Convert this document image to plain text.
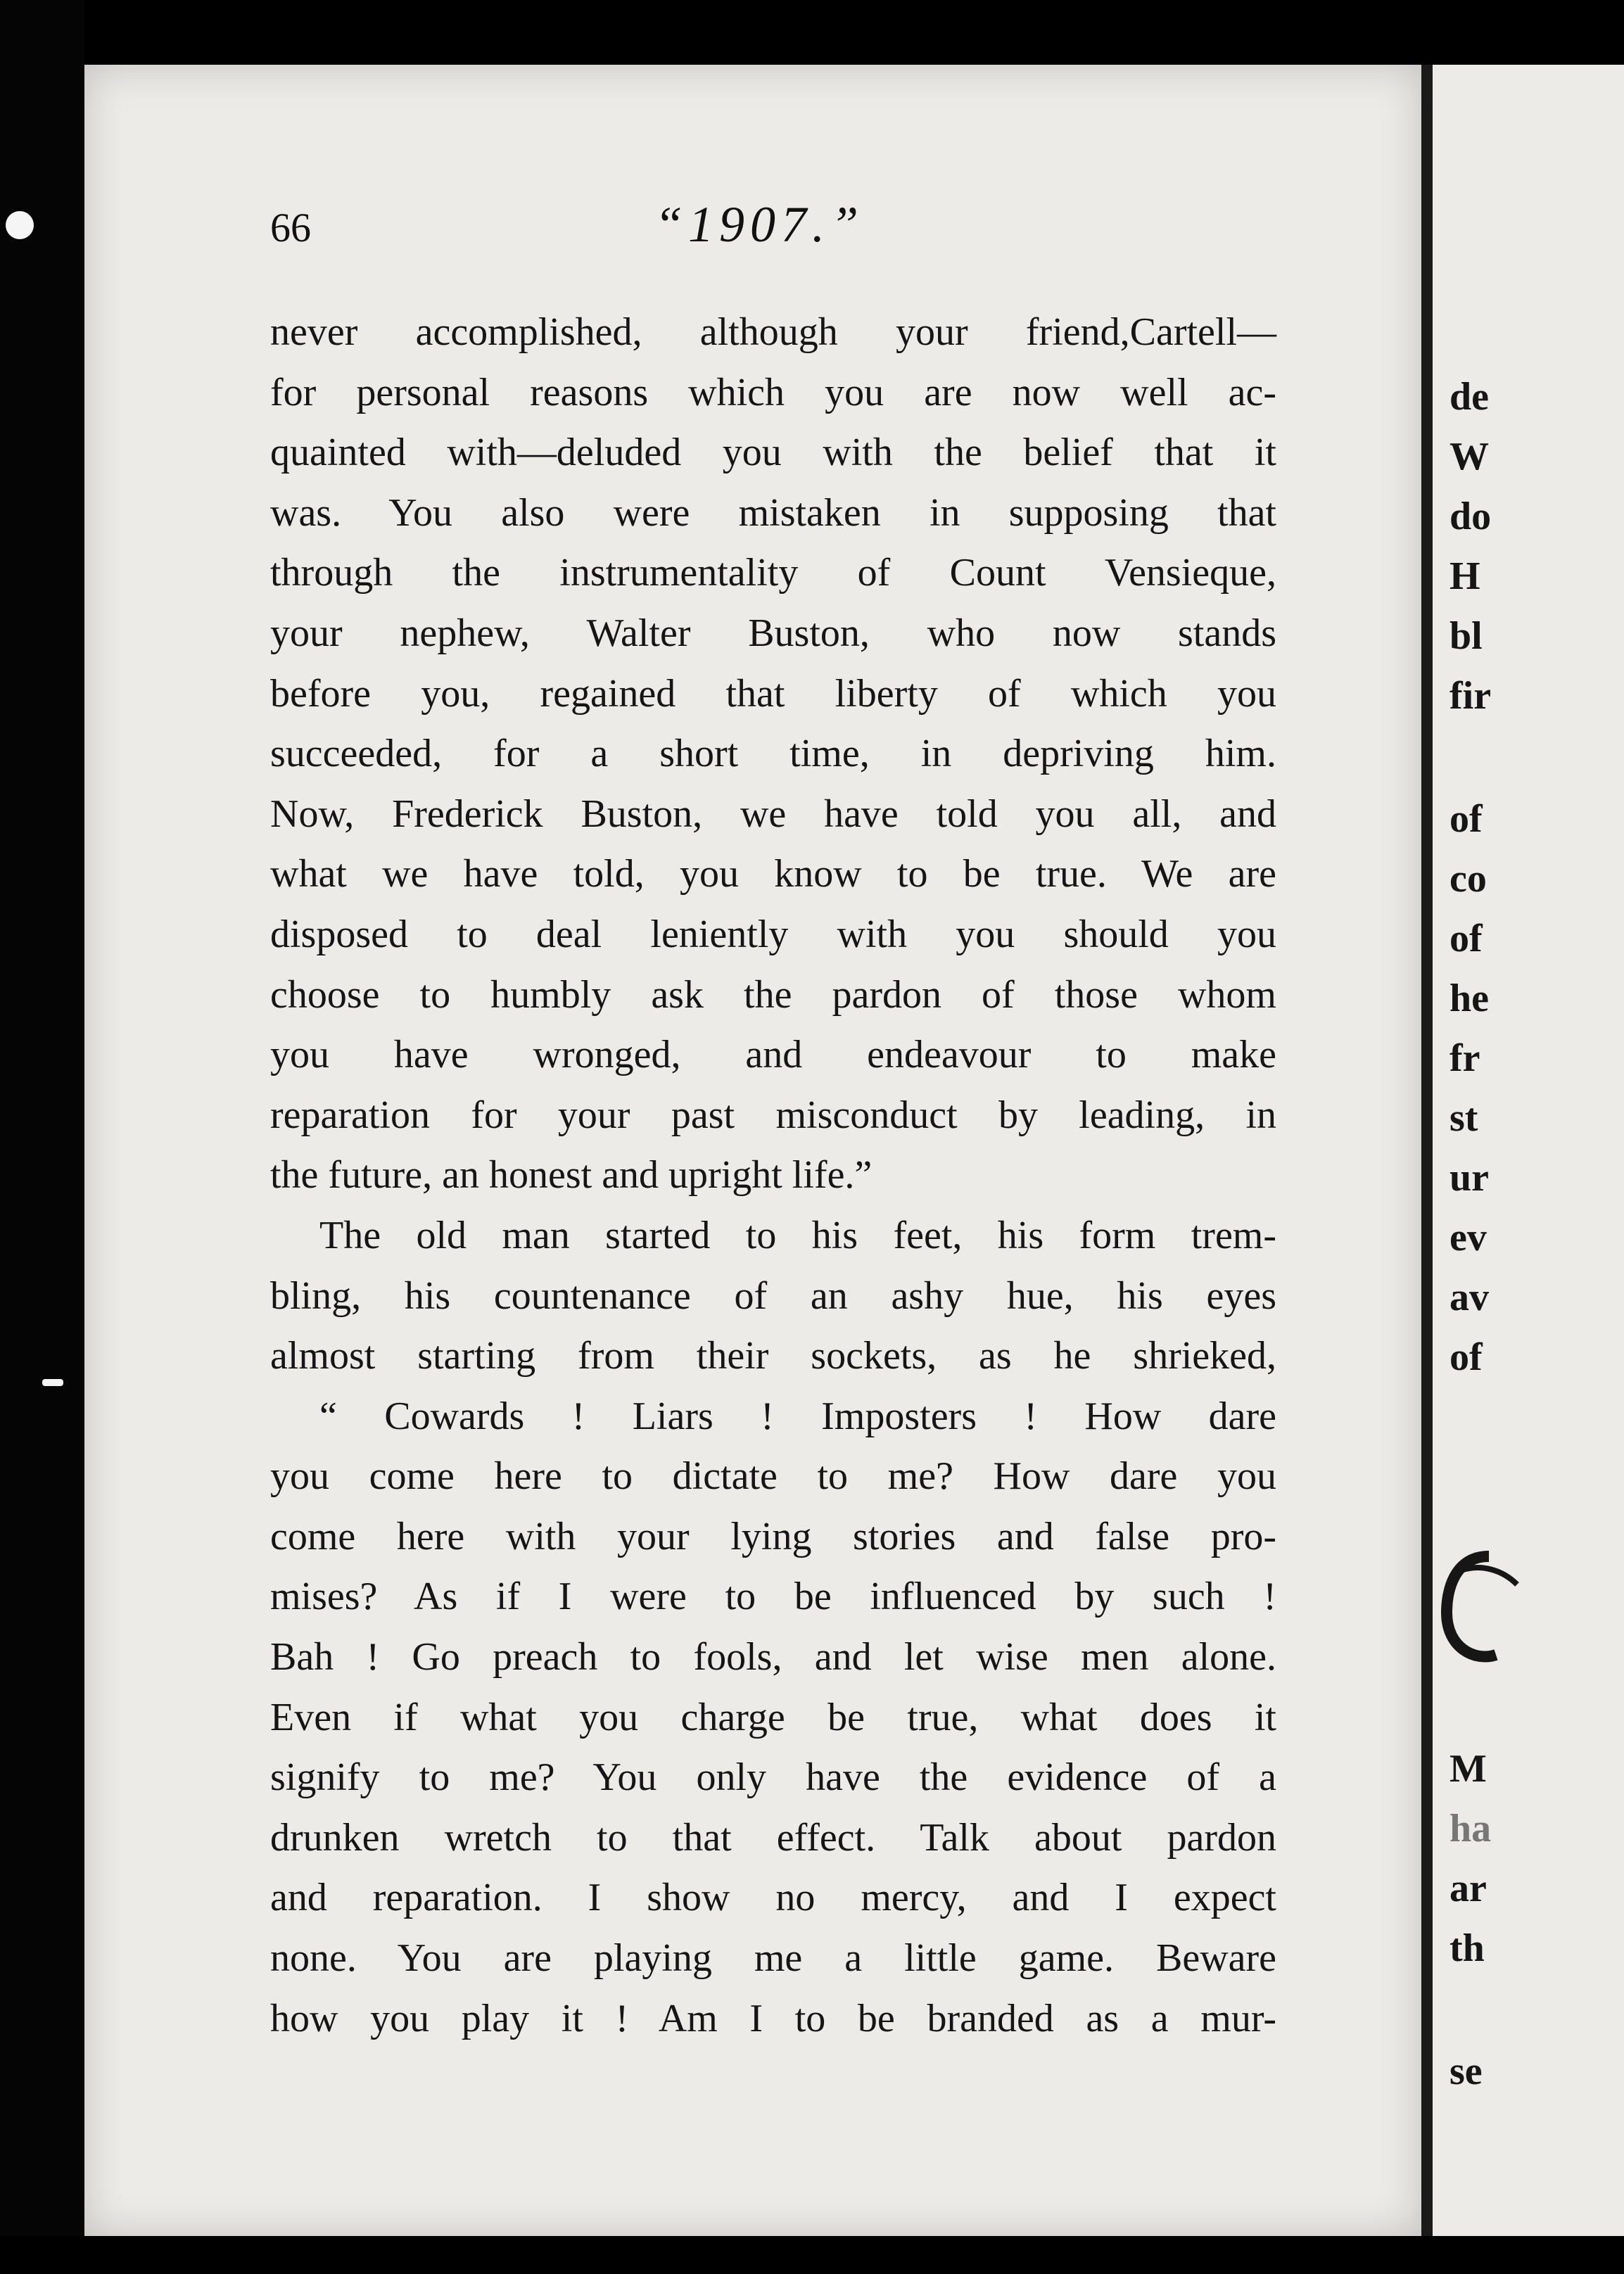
66	“1907.”
never accomplished, although your friend,Cartell—
for personal reasons which you are now well ac-
quainted with—deluded you with the belief that it
was. You also were mistaken in supposing that
through the instrumentality of Count Vensieque,
your nephew, Walter Buston, who now stands
before you, regained that liberty of which you
succeeded, for a short time, in depriving him.
Now, Frederick Buston, we have told you all, and
what we have told, you know to be true. We are
disposed to deal leniently with you should you
choose to humbly ask the pardon of those whom
you have wronged, and endeavour to make
reparation for your past misconduct by leading, in
the future, an honest and upright life.”
The old man started to his feet, his form trem-
bling, his countenance of an ashy hue, his eyes
almost starting from their sockets, as he shrieked,
“ Cowards ! Liars ! Imposters ! How dare
you come here to dictate to me? How dare you
come here with your lying stories and false pro-
mises? As if I were to be influenced by such !
Bah ! Go preach to fools, and let wise men alone.
Even if what you charge be true, what does it
signify to me? You only have the evidence of a
drunken wretch to that effect. Talk about pardon
and reparation. I show no mercy, and I expect
none. You are playing me a little game. Beware
how you play it ! Am I to be branded as a mur-
de
W
do
H
bl
fir
of
co
of
he
fr
st
ur
ev
av
of
M
ha
ar
th
se
